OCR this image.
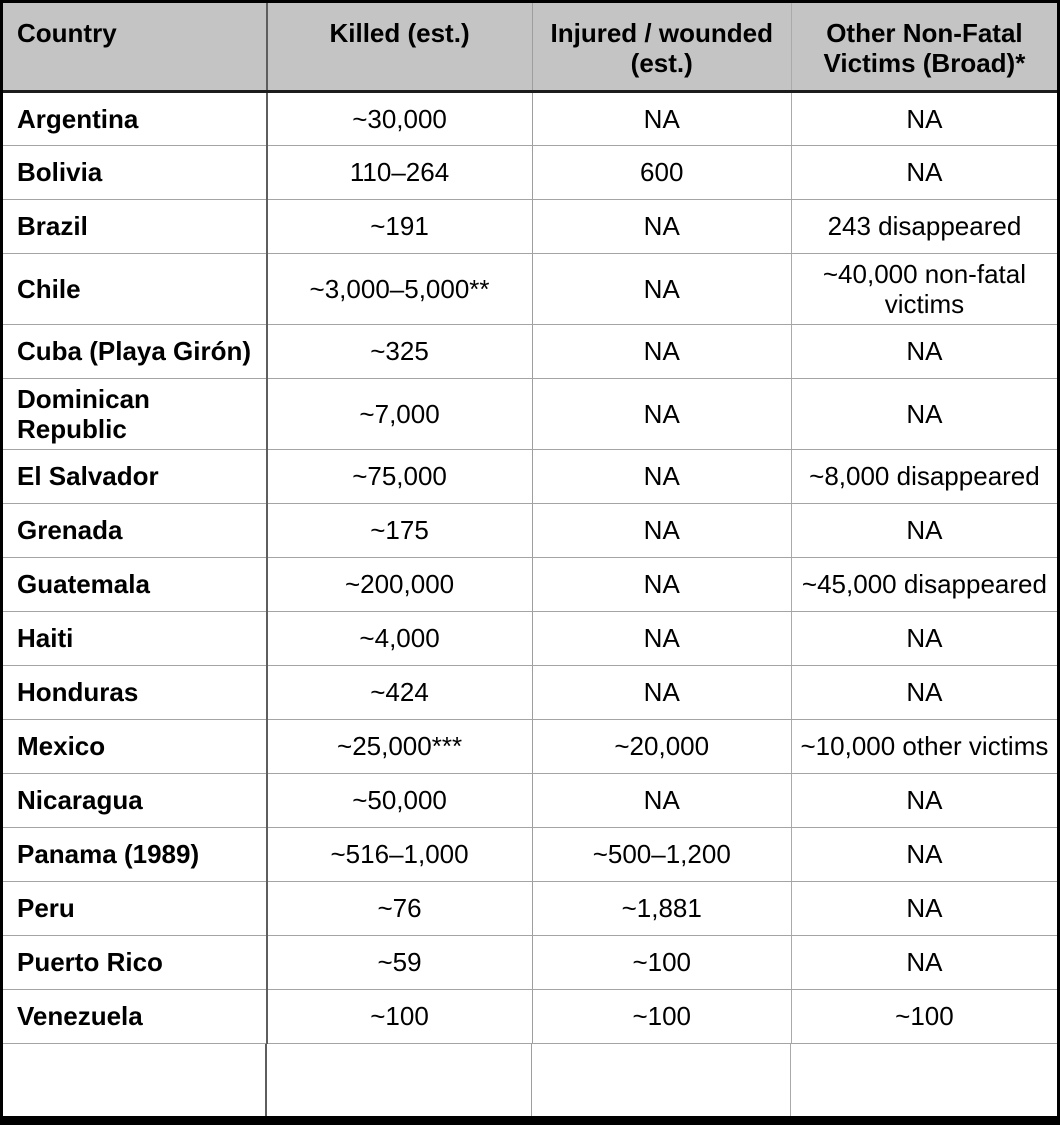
Country	Killed (est.)	Injured / wounded (est.)	Other Non-Fatal Victims (Broad)*
Argentina	~30,000	NA	NA
Bolivia	110–264	600	NA
Brazil	~191	NA	243 disappeared
Chile	~3,000–5,000**	NA	~40,000 non-fatal victims
Cuba (Playa Girón)	~325	NA	NA
Dominican Republic	~7,000	NA	NA
El Salvador	~75,000	NA	~8,000 disappeared
Grenada	~175	NA	NA
Guatemala	~200,000	NA	~45,000 disappeared
Haiti	~4,000	NA	NA
Honduras	~424	NA	NA
Mexico	~25,000***	~20,000	~10,000 other victims
Nicaragua	~50,000	NA	NA
Panama (1989)	~516–1,000	~500–1,200	NA
Peru	~76	~1,881	NA
Puerto Rico	~59	~100	NA
Venezuela	~100	~100	~100
